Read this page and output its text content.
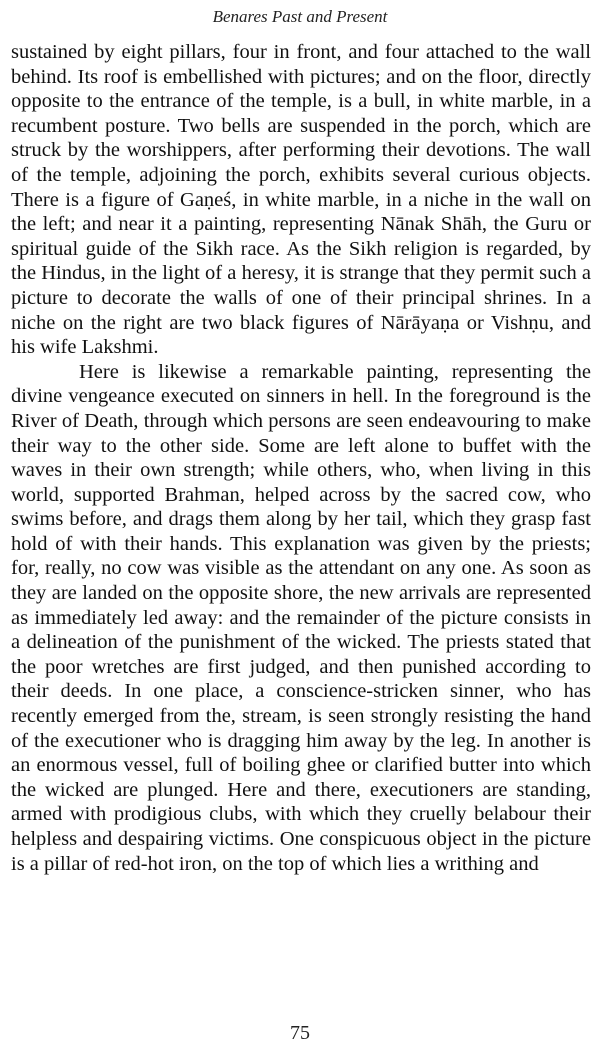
Benares Past and Present

sustained by eight pillars, four in front, and four attached to the wall behind. Its roof is embellished with pictures; and on the floor, directly opposite to the entrance of the temple, is a bull, in white marble, in a recumbent posture. Two bells are suspended in the porch, which are struck by the worshippers, after performing their devotions. The wall of the temple, adjoining the porch, exhibits several curious objects. There is a figure of Gaṇeś, in white marble, in a niche in the wall on the left; and near it a painting, representing Nānak Shāh, the Guru or spiritual guide of the Sikh race. As the Sikh religion is regarded, by the Hindus, in the light of a heresy, it is strange that they permit such a picture to decorate the walls of one of their principal shrines. In a niche on the right are two black figures of Nārāyaṇa or Vishṇu, and his wife Lakshmi.

Here is likewise a remarkable painting, representing the divine vengeance executed on sinners in hell. In the foreground is the River of Death, through which persons are seen endeavouring to make their way to the other side. Some are left alone to buffet with the waves in their own strength; while others, who, when living in this world, supported Brahman, helped across by the sacred cow, who swims before, and drags them along by her tail, which they grasp fast hold of with their hands. This explanation was given by the priests; for, really, no cow was visible as the attendant on any one. As soon as they are landed on the opposite shore, the new arrivals are represented as immediately led away: and the remainder of the picture consists in a delineation of the punishment of the wicked. The priests stated that the poor wretches are first judged, and then punished according to their deeds. In one place, a conscience-stricken sinner, who has recently emerged from the, stream, is seen strongly resisting the hand of the executioner who is dragging him away by the leg. In another is an enormous vessel, full of boiling ghee or clarified butter into which the wicked are plunged. Here and there, executioners are standing, armed with prodigious clubs, with which they cruelly belabour their helpless and despairing victims. One conspicuous object in the picture is a pillar of red-hot iron, on the top of which lies a writhing and

75
